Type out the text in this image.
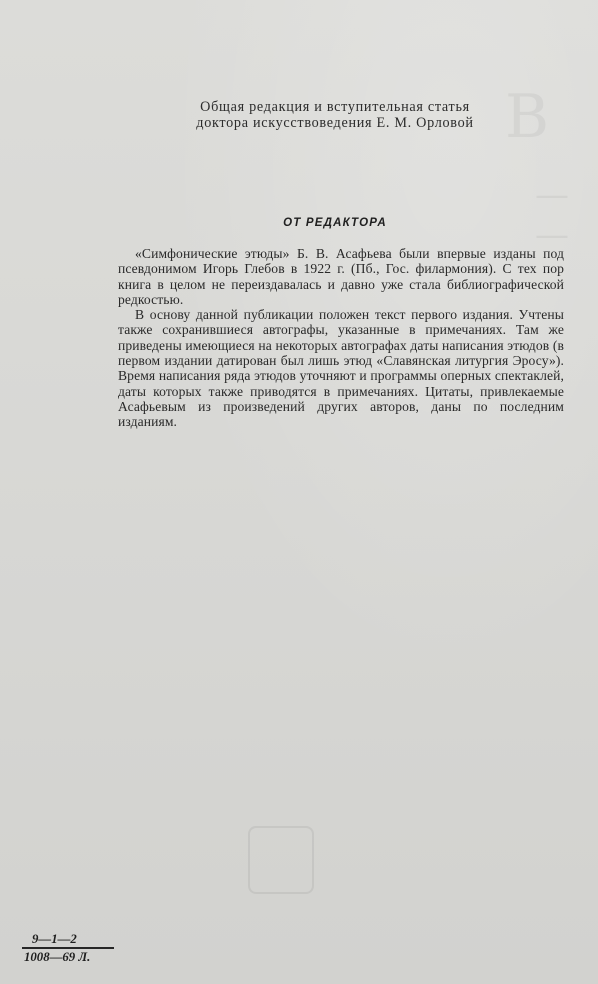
В
— —
Общая редакция и вступительная статья
доктора искусствоведения Е. М. Орловой
ОТ РЕДАКТОРА

«Симфонические этюды» Б. В. Асафьева были впервые изданы под псевдонимом Игорь Глебов в 1922 г. (Пб., Гос. филармония). С тех пор книга в целом не переиздавалась и давно уже стала библиографической редкостью.

В основу данной публикации положен текст первого издания. Учтены также сохранившиеся автографы, указанные в примечаниях. Там же приведены имеющиеся на некоторых автографах даты написания этюдов (в первом издании датирован был лишь этюд «Славянская литургия Эросу»). Время написания ряда этюдов уточняют и программы оперных спектаклей, даты которых также приводятся в примечаниях. Цитаты, привлекаемые Асафьевым из произведений других авторов, даны по последним изданиям.

9—1—2
1008—69 Л.
